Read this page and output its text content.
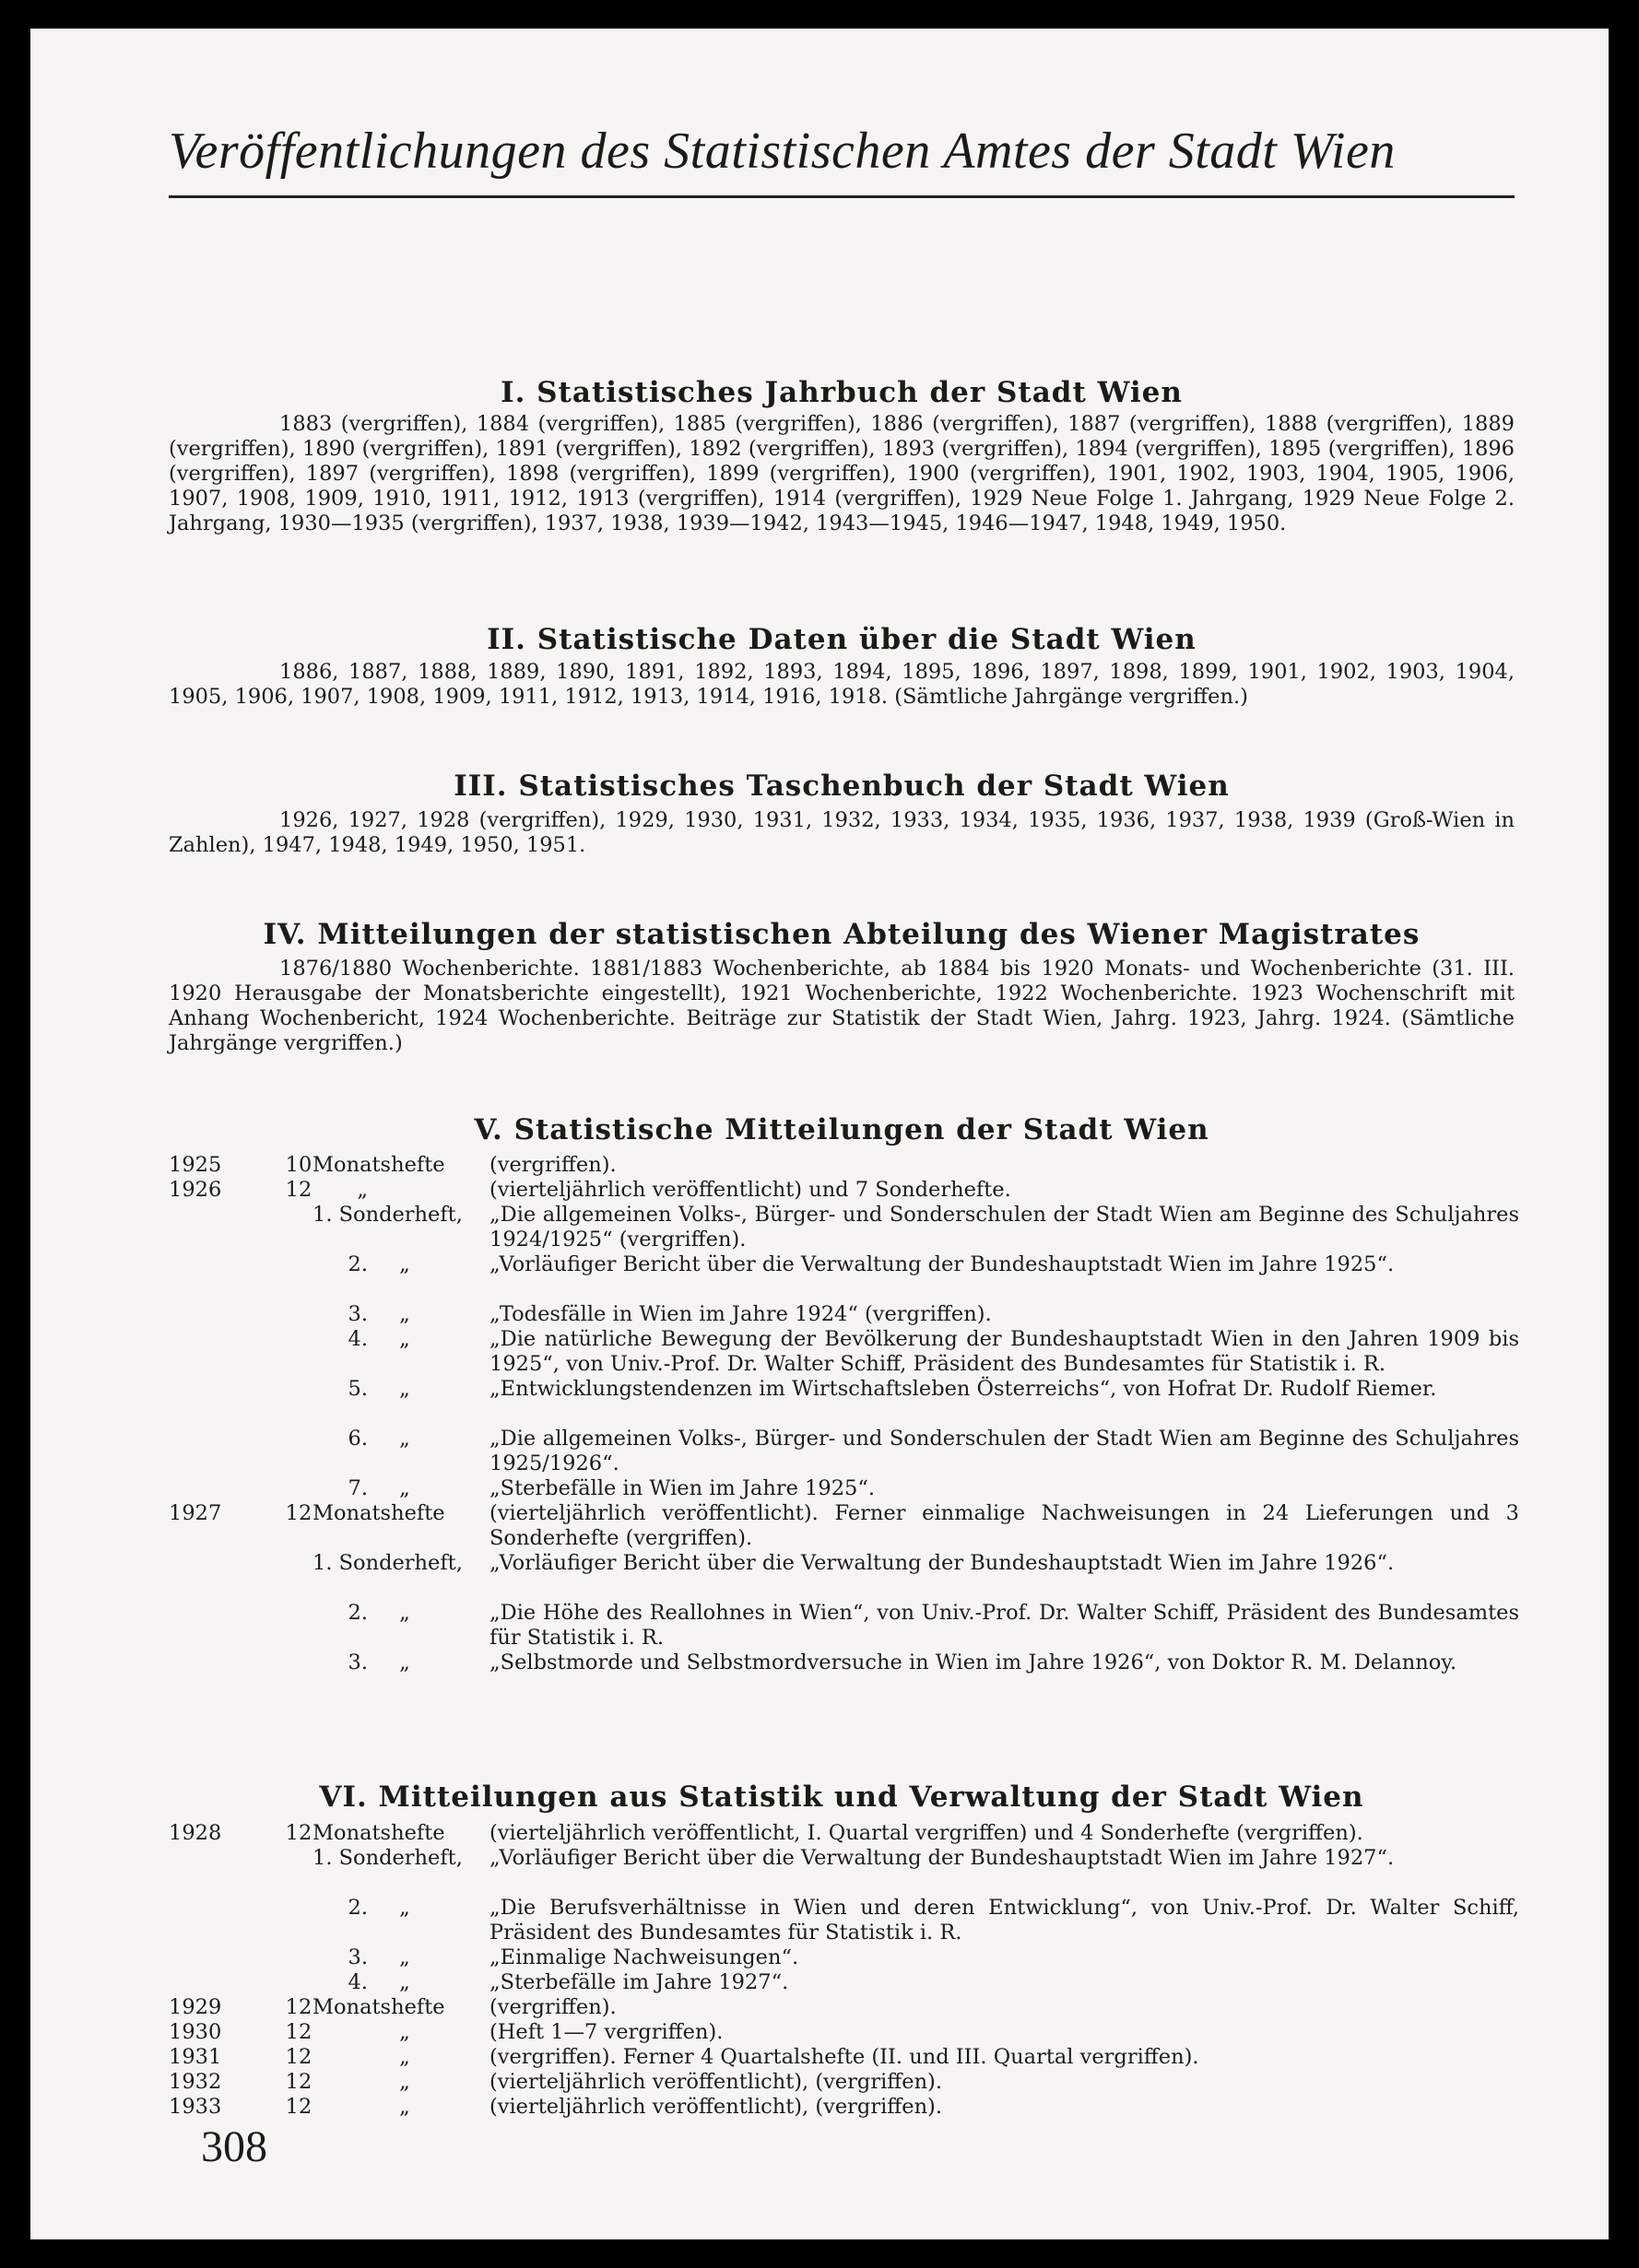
Veröffentlichungen des Statistischen Amtes der Stadt Wien
I. Statistisches Jahrbuch der Stadt Wien

1883 (vergriffen), 1884 (vergriffen), 1885 (vergriffen), 1886 (vergriffen), 1887 (vergriffen), 1888 (vergriffen), 1889 (vergriffen), 1890 (vergriffen), 1891 (vergriffen), 1892 (vergriffen), 1893 (vergriffen), 1894 (vergriffen), 1895 (vergriffen), 1896 (vergriffen), 1897 (vergriffen), 1898 (vergriffen), 1899 (vergriffen), 1900 (vergriffen), 1901, 1902, 1903, 1904, 1905, 1906, 1907, 1908, 1909, 1910, 1911, 1912, 1913 (vergriffen), 1914 (vergriffen), 1929 Neue Folge 1. Jahrgang, 1929 Neue Folge 2. Jahrgang, 1930—1935 (vergriffen), 1937, 1938, 1939—1942, 1943—1945, 1946—1947, 1948, 1949, 1950.

II. Statistische Daten über die Stadt Wien

1886, 1887, 1888, 1889, 1890, 1891, 1892, 1893, 1894, 1895, 1896, 1897, 1898, 1899, 1901, 1902, 1903, 1904, 1905, 1906, 1907, 1908, 1909, 1911, 1912, 1913, 1914, 1916, 1918. (Sämtliche Jahrgänge vergriffen.)

III. Statistisches Taschenbuch der Stadt Wien

1926, 1927, 1928 (vergriffen), 1929, 1930, 1931, 1932, 1933, 1934, 1935, 1936, 1937, 1938, 1939 (Groß-Wien in Zahlen), 1947, 1948, 1949, 1950, 1951.

IV. Mitteilungen der statistischen Abteilung des Wiener Magistrates

1876/1880 Wochenberichte. 1881/1883 Wochenberichte, ab 1884 bis 1920 Monats- und Wochenberichte (31. III. 1920 Herausgabe der Monatsberichte eingestellt), 1921 Wochenberichte, 1922 Wochenberichte. 1923 Wochenschrift mit Anhang Wochenbericht, 1924 Wochenberichte. Beiträge zur Statistik der Stadt Wien, Jahrg. 1923, Jahrg. 1924. (Sämtliche Jahrgänge vergriffen.)

V. Statistische Mitteilungen der Stadt Wien
1925	10 Monatshefte (vergriffen).
1926	12	„	(vierteljährlich veröffentlicht) und 7 Sonderhefte.
1. Sonderheft, „Die allgemeinen Volks-, Bürger- und Sonderschulen der Stadt Wien am Beginne des Schuljahres 1924/1925“ (vergriffen).
2.	„	„Vorläufiger Bericht über die Verwaltung der Bundeshauptstadt Wien im Jahre 1925“.
3.	„	„Todesfälle in Wien im Jahre 1924“ (vergriffen).
4.	„	„Die natürliche Bewegung der Bevölkerung der Bundeshauptstadt Wien in den Jahren 1909 bis 1925“, von Univ.-Prof. Dr. Walter Schiff, Präsident des Bundesamtes für Statistik i. R.
5.	„	„Entwicklungstendenzen im Wirtschaftsleben Österreichs“, von Hofrat Dr. Rudolf Riemer.
6.	„	„Die allgemeinen Volks-, Bürger- und Sonderschulen der Stadt Wien am Beginne des Schuljahres 1925/1926“.
7.	„	„Sterbefälle in Wien im Jahre 1925“.
1927	12 Monatshefte (vierteljährlich veröffentlicht). Ferner einmalige Nachweisungen in 24 Lieferungen und 3 Sonderhefte (vergriffen).
1. Sonderheft, „Vorläufiger Bericht über die Verwaltung der Bundeshauptstadt Wien im Jahre 1926“.
2.	„	„Die Höhe des Reallohnes in Wien“, von Univ.-Prof. Dr. Walter Schiff, Präsident des Bundesamtes für Statistik i. R.
3.	„	„Selbstmorde und Selbstmordversuche in Wien im Jahre 1926“, von Doktor R. M. Delannoy.
VI. Mitteilungen aus Statistik und Verwaltung der Stadt Wien
1928	12 Monatshefte (vierteljährlich veröffentlicht, I. Quartal vergriffen) und 4 Sonderhefte (vergriffen).
1. Sonderheft, „Vorläufiger Bericht über die Verwaltung der Bundeshauptstadt Wien im Jahre 1927“.
2.	„	„Die Berufsverhältnisse in Wien und deren Entwicklung“, von Univ.-Prof. Dr. Walter Schiff, Präsident des Bundesamtes für Statistik i. R.
3.	„	„Einmalige Nachweisungen“.
4.	„	„Sterbefälle im Jahre 1927“.
1929	12 Monatshefte (vergriffen).
1930	12	„	(Heft 1—7 vergriffen).
1931	12	„	(vergriffen). Ferner 4 Quartalshefte (II. und III. Quartal vergriffen).
1932	12	„	(vierteljährlich veröffentlicht), (vergriffen).
1933	12	„	(vierteljährlich veröffentlicht), (vergriffen).
308
